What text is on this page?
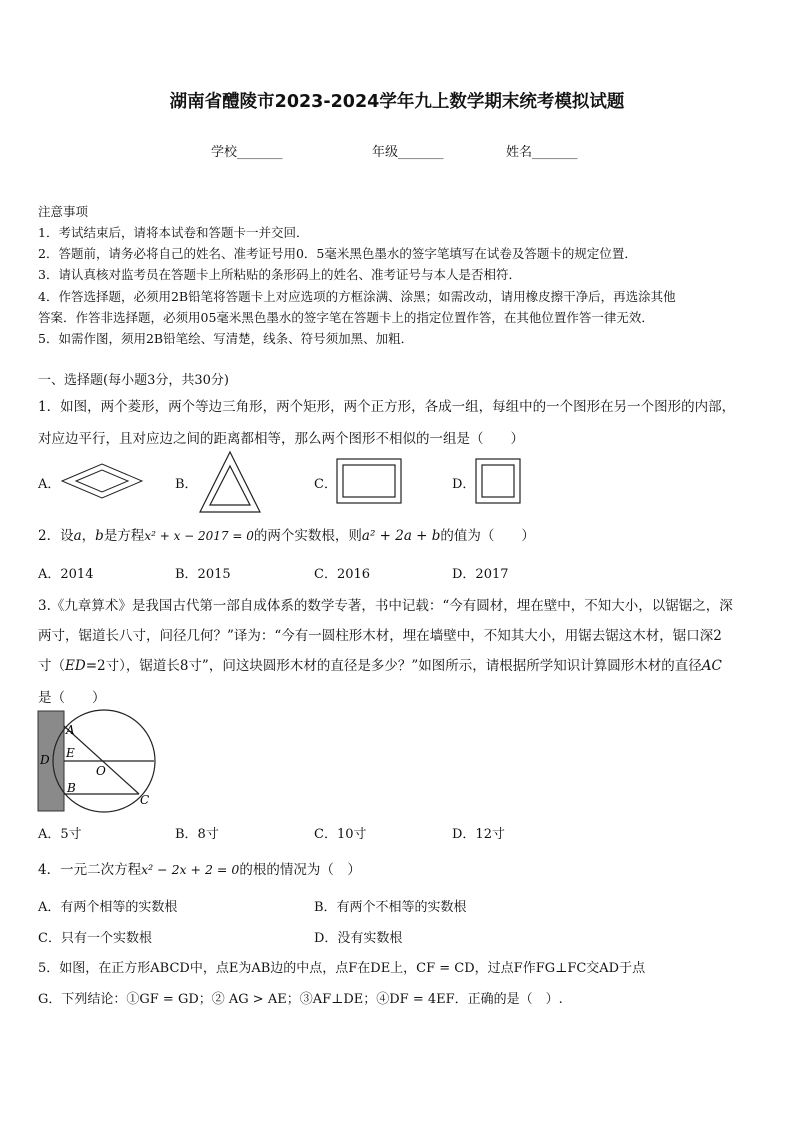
湖南省醴陵市2023-2024学年九上数学期末统考模拟试题
学校_______	年级_______	姓名_______
注意事项
1．考试结束后，请将本试卷和答题卡一并交回．
2．答题前，请务必将自己的姓名、准考证号用0．5毫米黑色墨水的签字笔填写在试卷及答题卡的规定位置．
3．请认真核对监考员在答题卡上所粘贴的条形码上的姓名、准考证号与本人是否相符．
4．作答选择题，必须用2B铅笔将答题卡上对应选项的方框涂满、涂黑；如需改动，请用橡皮擦干净后，再选涂其他
答案．作答非选择题，必须用05毫米黑色墨水的签字笔在答题卡上的指定位置作答，在其他位置作答一律无效．
5．如需作图，须用2B铅笔绘、写清楚，线条、符号须加黑、加粗．
一、选择题(每小题3分，共30分)
1．如图，两个菱形，两个等边三角形，两个矩形，两个正方形，各成一组，每组中的一个图形在另一个图形的内部，
对应边平行，且对应边之间的距离都相等，那么两个图形不相似的一组是（　　）
A．	B．	C．	D．
2．设a，b是方程x² + x − 2017 = 0的两个实数根，则a² + 2a + b的值为（　　）
A．2014	B．2015	C．2016	D．2017
3.《九章算术》是我国古代第一部自成体系的数学专著，书中记载：“今有圆材，埋在壁中，不知大小，以锯锯之，深
两寸，锯道长八寸，问径几何？”译为：“今有一圆柱形木材，埋在墙壁中，不知其大小，用锯去锯这木材，锯口深2
寸（ED=2寸），锯道长8寸”，问这块圆形木材的直径是多少？”如图所示，请根据所学知识计算圆形木材的直径AC
是（　　）
A
D E
O
B
C
A．5寸	B．8寸	C．10寸	D．12寸
4．一元二次方程x² − 2x + 2 = 0的根的情况为（　）
A．有两个相等的实数根	B．有两个不相等的实数根
C．只有一个实数根	D．没有实数根
5．如图，在正方形ABCD中，点E为AB边的中点，点F在DE上，CF = CD，过点F作FG⊥FC交AD于点
G．下列结论：①GF = GD；② AG > AE；③AF⊥DE；④DF = 4EF．正确的是（　）.
